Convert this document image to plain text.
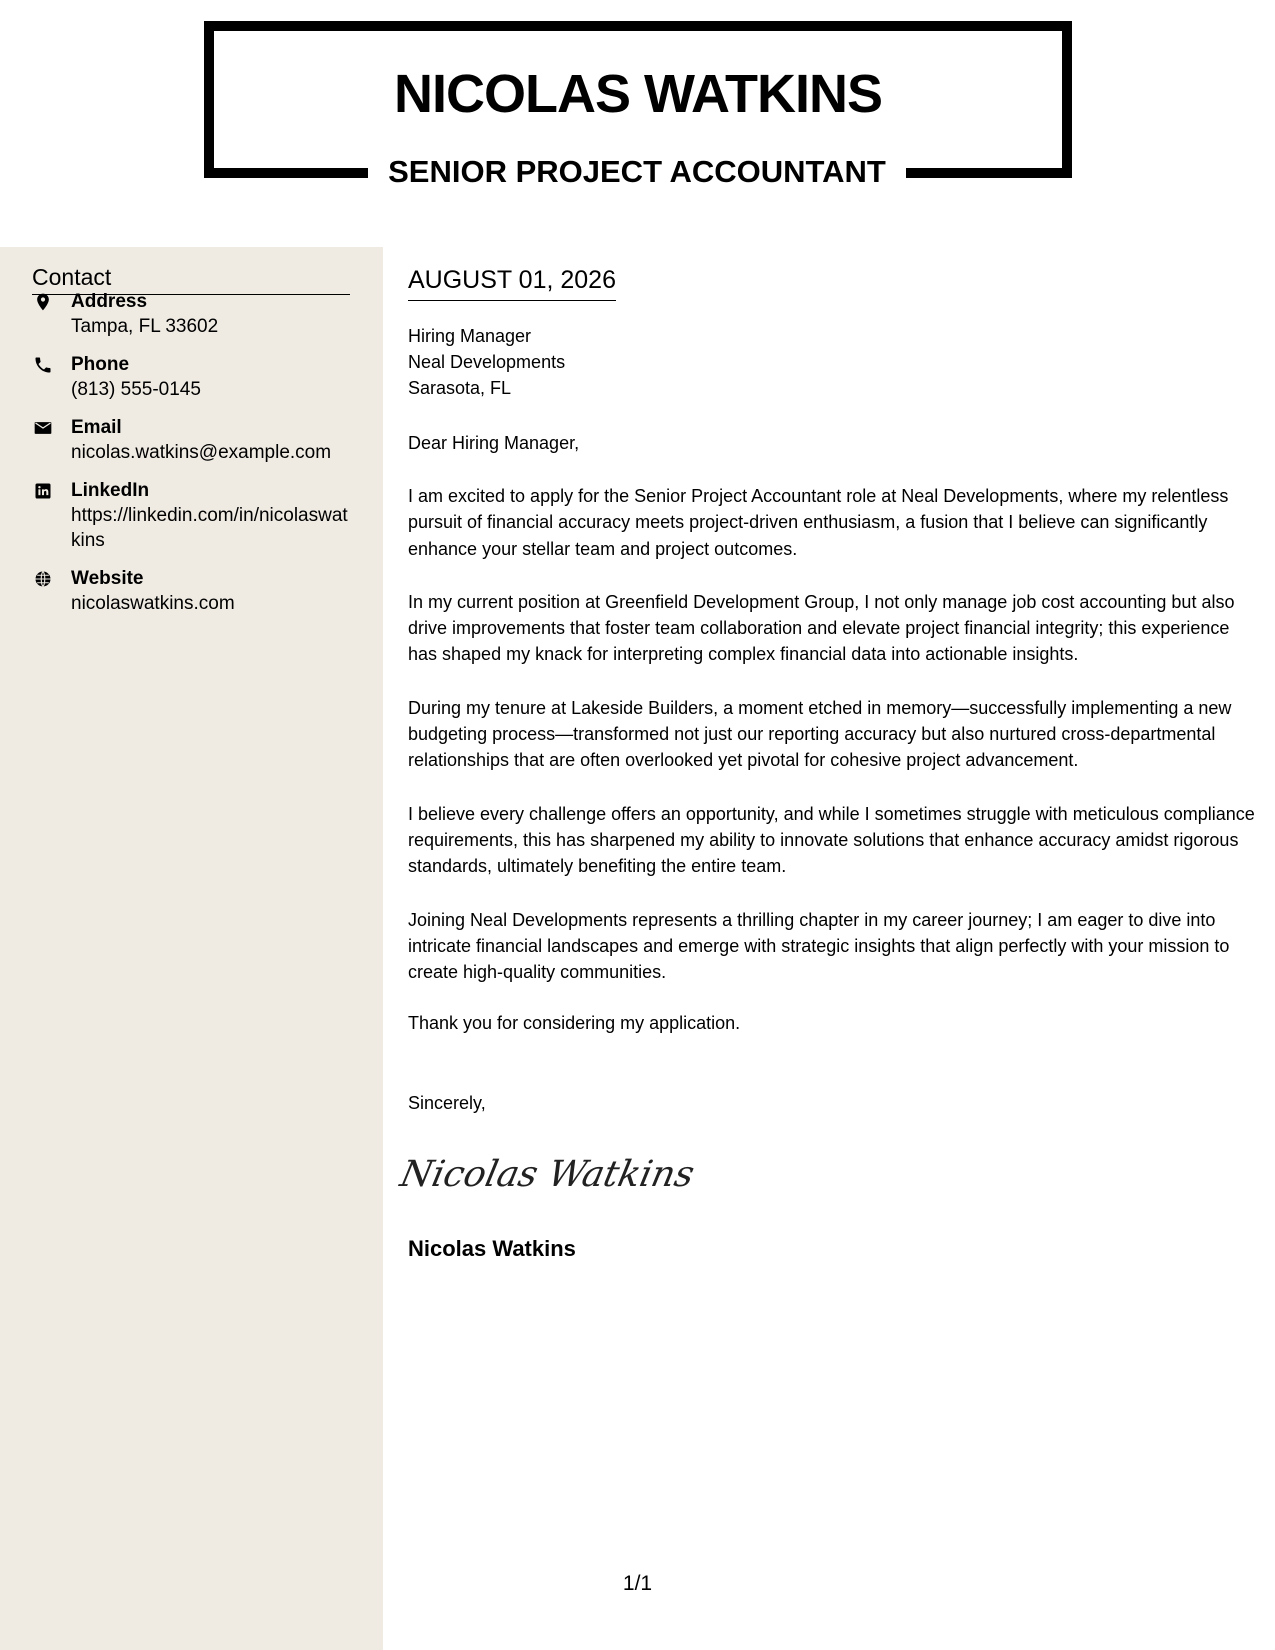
NICOLAS WATKINS
SENIOR PROJECT ACCOUNTANT
Contact
Address
Tampa, FL 33602
Phone
(813) 555-0145
Email
nicolas.watkins@example.com
LinkedIn
https://linkedin.com/in/nicolaswatkins
Website
nicolaswatkins.com
AUGUST 01, 2026
Hiring Manager
Neal Developments
Sarasota, FL
Dear Hiring Manager,

I am excited to apply for the Senior Project Accountant role at Neal Developments, where my relentless pursuit of financial accuracy meets project-driven enthusiasm, a fusion that I believe can significantly enhance your stellar team and project outcomes.

In my current position at Greenfield Development Group, I not only manage job cost accounting but also drive improvements that foster team collaboration and elevate project financial integrity; this experience has shaped my knack for interpreting complex financial data into actionable insights.

During my tenure at Lakeside Builders, a moment etched in memory—successfully implementing a new budgeting process—transformed not just our reporting accuracy but also nurtured cross-departmental relationships that are often overlooked yet pivotal for cohesive project advancement.

I believe every challenge offers an opportunity, and while I sometimes struggle with meticulous compliance requirements, this has sharpened my ability to innovate solutions that enhance accuracy amidst rigorous standards, ultimately benefiting the entire team.

Joining Neal Developments represents a thrilling chapter in my career journey; I am eager to dive into intricate financial landscapes and emerge with strategic insights that align perfectly with your mission to create high-quality communities.

Thank you for considering my application.
Sincerely,
Nicolas Watkins
Nicolas Watkins
1/1
